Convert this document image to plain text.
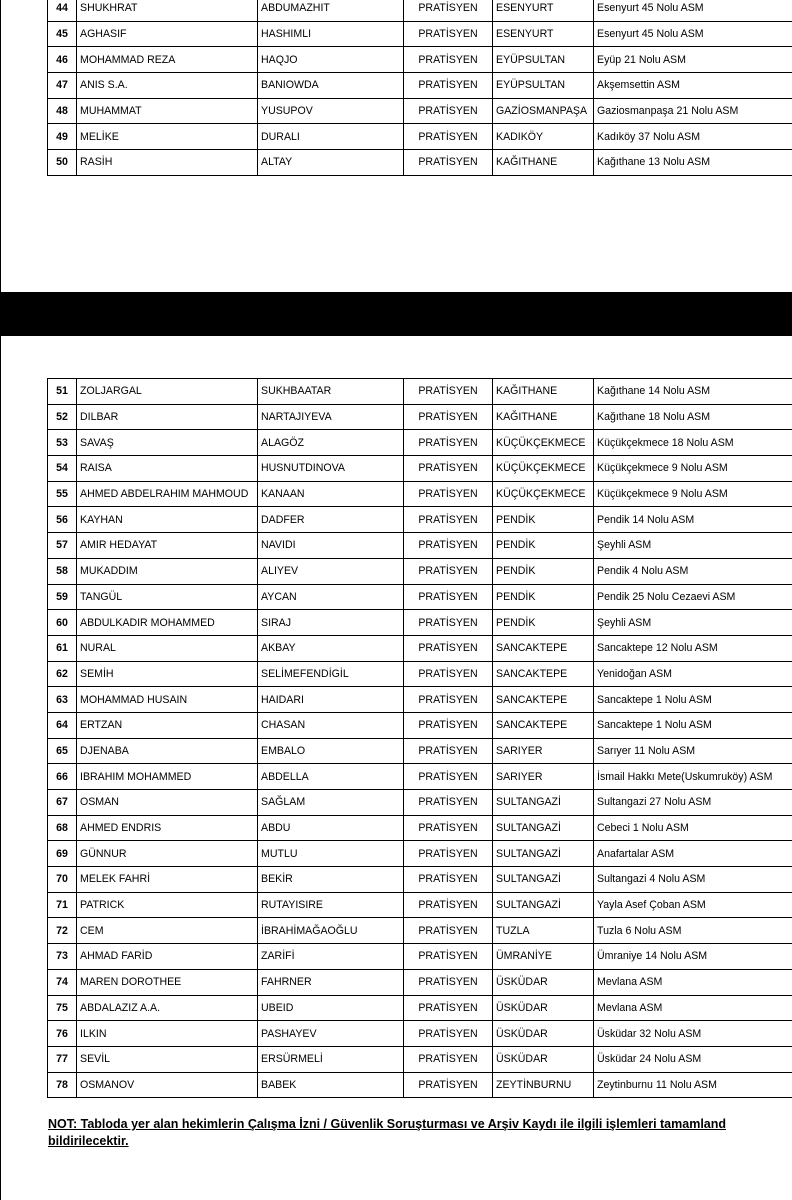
44	SHUKHRAT	ABDUMAZHIT	PRATİSYEN	ESENYURT	Esenyurt 45 Nolu ASM
45	AGHASIF	HASHIMLI	PRATİSYEN	ESENYURT	Esenyurt 45 Nolu ASM
46	MOHAMMAD REZA	HAQJO	PRATİSYEN	EYÜPSULTAN	Eyüp 21 Nolu ASM
47	ANIS S.A.	BANIOWDA	PRATİSYEN	EYÜPSULTAN	Akşemsettin ASM
48	MUHAMMAT	YUSUPOV	PRATİSYEN	GAZİOSMANPAŞA	Gaziosmanpaşa 21 Nolu ASM
49	MELİKE	DURALI	PRATİSYEN	KADIKÖY	Kadıköy 37 Nolu ASM
50	RASİH	ALTAY	PRATİSYEN	KAĞITHANE	Kağıthane 13 Nolu ASM
51	ZOLJARGAL	SUKHBAATAR	PRATİSYEN	KAĞITHANE	Kağıthane 14 Nolu ASM
52	DILBAR	NARTAJIYEVA	PRATİSYEN	KAĞITHANE	Kağıthane 18 Nolu ASM
53	SAVAŞ	ALAGÖZ	PRATİSYEN	KÜÇÜKÇEKMECE	Küçükçekmece 18 Nolu ASM
54	RAISA	HUSNUTDINOVA	PRATİSYEN	KÜÇÜKÇEKMECE	Küçükçekmece 9 Nolu ASM
55	AHMED ABDELRAHIM MAHMOUD	KANAAN	PRATİSYEN	KÜÇÜKÇEKMECE	Küçükçekmece 9 Nolu ASM
56	KAYHAN	DADFER	PRATİSYEN	PENDİK	Pendik 14 Nolu ASM
57	AMIR HEDAYAT	NAVIDI	PRATİSYEN	PENDİK	Şeyhli ASM
58	MUKADDIM	ALIYEV	PRATİSYEN	PENDİK	Pendik 4 Nolu ASM
59	TANGÜL	AYCAN	PRATİSYEN	PENDİK	Pendik 25 Nolu Cezaevi ASM
60	ABDULKADIR MOHAMMED	SIRAJ	PRATİSYEN	PENDİK	Şeyhli ASM
61	NURAL	AKBAY	PRATİSYEN	SANCAKTEPE	Sancaktepe 12 Nolu ASM
62	SEMİH	SELİMEFENDİGİL	PRATİSYEN	SANCAKTEPE	Yenidoğan ASM
63	MOHAMMAD HUSAIN	HAIDARI	PRATİSYEN	SANCAKTEPE	Sancaktepe 1 Nolu ASM
64	ERTZAN	CHASAN	PRATİSYEN	SANCAKTEPE	Sancaktepe 1 Nolu ASM
65	DJENABA	EMBALO	PRATİSYEN	SARIYER	Sarıyer 11 Nolu ASM
66	IBRAHIM MOHAMMED	ABDELLA	PRATİSYEN	SARIYER	İsmail Hakkı Mete(Uskumruköy) ASM
67	OSMAN	SAĞLAM	PRATİSYEN	SULTANGAZİ	Sultangazi 27 Nolu ASM
68	AHMED ENDRIS	ABDU	PRATİSYEN	SULTANGAZİ	Cebeci 1 Nolu ASM
69	GÜNNUR	MUTLU	PRATİSYEN	SULTANGAZİ	Anafartalar ASM
70	MELEK FAHRİ	BEKİR	PRATİSYEN	SULTANGAZİ	Sultangazi 4 Nolu ASM
71	PATRICK	RUTAYISIRE	PRATİSYEN	SULTANGAZİ	Yayla Asef Çoban ASM
72	CEM	İBRAHİMAĞAOĞLU	PRATİSYEN	TUZLA	Tuzla 6 Nolu ASM
73	AHMAD FARİD	ZARİFİ	PRATİSYEN	ÜMRANİYE	Ümraniye 14 Nolu ASM
74	MAREN DOROTHEE	FAHRNER	PRATİSYEN	ÜSKÜDAR	Mevlana ASM
75	ABDALAZIZ A.A.	UBEID	PRATİSYEN	ÜSKÜDAR	Mevlana ASM
76	ILKIN	PASHAYEV	PRATİSYEN	ÜSKÜDAR	Üsküdar 32 Nolu ASM
77	SEVİL	ERSÜRMELİ	PRATİSYEN	ÜSKÜDAR	Üsküdar 24 Nolu ASM
78	OSMANOV	BABEK	PRATİSYEN	ZEYTİNBURNU	Zeytinburnu 11 Nolu ASM
NOT: Tabloda yer alan hekimlerin Çalışma İzni / Güvenlik Soruşturması ve Arşiv Kaydı ile ilgili işlemleri tamamland
bildirilecektir.
